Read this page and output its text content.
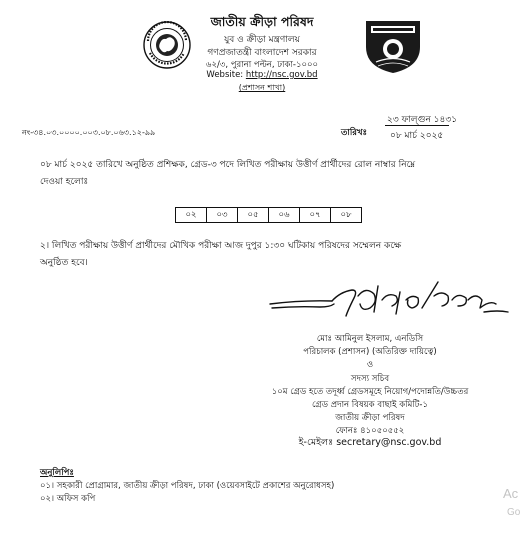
জাতীয় ক্রীড়া পরিষদ
যুব ও ক্রীড়া মন্ত্রণালয়
গণপ্রজাতন্ত্রী বাংলাদেশ সরকার
৬২/৩, পুরানা পল্টন, ঢাকা-১০০০
Website: http://nsc.gov.bd
(প্রশাসন শাখা)
নং-৩৪.০৩.০০০০.০০৩.০৮.০৬৩.১২-৯৯	তারিখঃ
২৩ ফাল্গুন ১৪৩১
০৮ মার্চ ২০২৫
০৮ মার্চ ২০২৫ তারিখে অনুষ্ঠিত প্রশিক্ষক, গ্রেড-৩ পদে লিখিত পরীক্ষায় উত্তীর্ণ প্রার্থীদের রোল নাম্বার নিম্নে
দেওয়া হলোঃ
০২	০৩	০৫	০৬	০৭	০৮
২। লিখিত পরীক্ষায় উত্তীর্ণ প্রার্থীদের মৌখিক পরীক্ষা আজ দুপুর ১:৩০ ঘটিকায় পরিষদের সম্মেলন কক্ষে
অনুষ্ঠিত হবে।
মোঃ আমিনুল ইসলাম, এনডিসি
পরিচালক (প্রশাসন) (অতিরিক্ত দায়িত্বে)
ও
সদস্য সচিব
১০ম গ্রেড হতে তদূর্ধ্ব গ্রেডসমূহে নিয়োগ/পদোন্নতি/উচ্চতর
গ্রেড প্রদান বিষয়ক বাছাই কমিটি-১
জাতীয় ক্রীড়া পরিষদ
ফোনঃ ৪১০৫০৫৫২
ই-মেইলঃ secretary@nsc.gov.bd
অনুলিপিঃ
০১। সহকারী প্রোগ্রামার, জাতীয় ক্রীড়া পরিষদ, ঢাকা (ওয়েবসাইটে প্রকাশের অনুরোধসহ)
০২। অফিস কপি	Ac
Go
